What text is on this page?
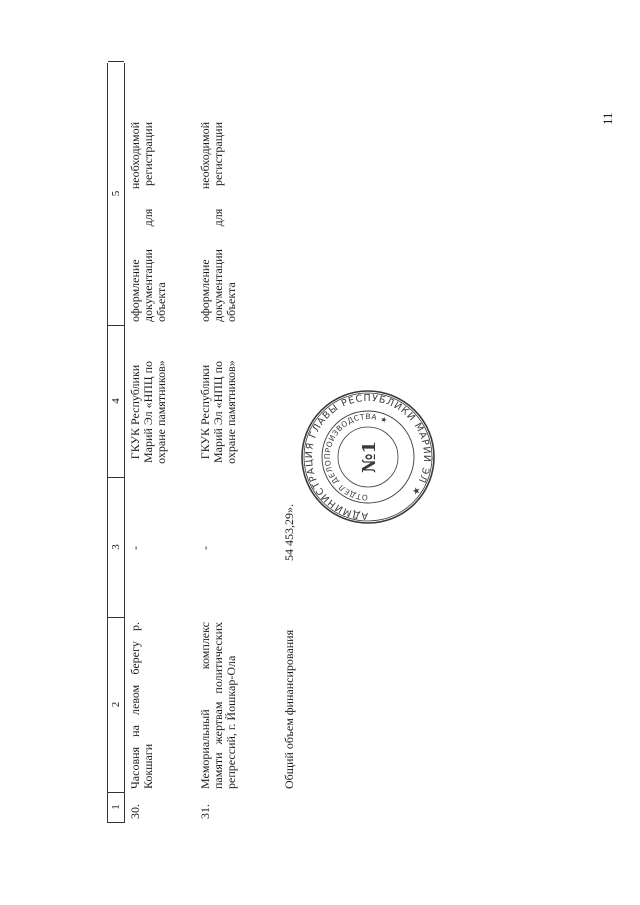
11
1
2
3
4
5
30.
Часовня на левом берегу р. Кокшаги
-
ГКУК Республики Марий Эл «НПЦ по охране памятников»
оформление необходимой документации для регистрации объекта
31.
Мемориальный комплекс памяти жертвам политических репрессий, г. Йошкар-Ола
-
ГКУК Республики Марий Эл «НПЦ по охране памятников»
оформление необходимой документации для регистрации объекта
Общий объем финансирования
54 453,29».	АДМИНИСТРАЦИЯ ГЛАВЫ РЕСПУБЛИКИ МАРИЙ ЭЛ ★
ОТДЕЛ ДЕЛОПРОИЗВОДСТВА ★
№1
